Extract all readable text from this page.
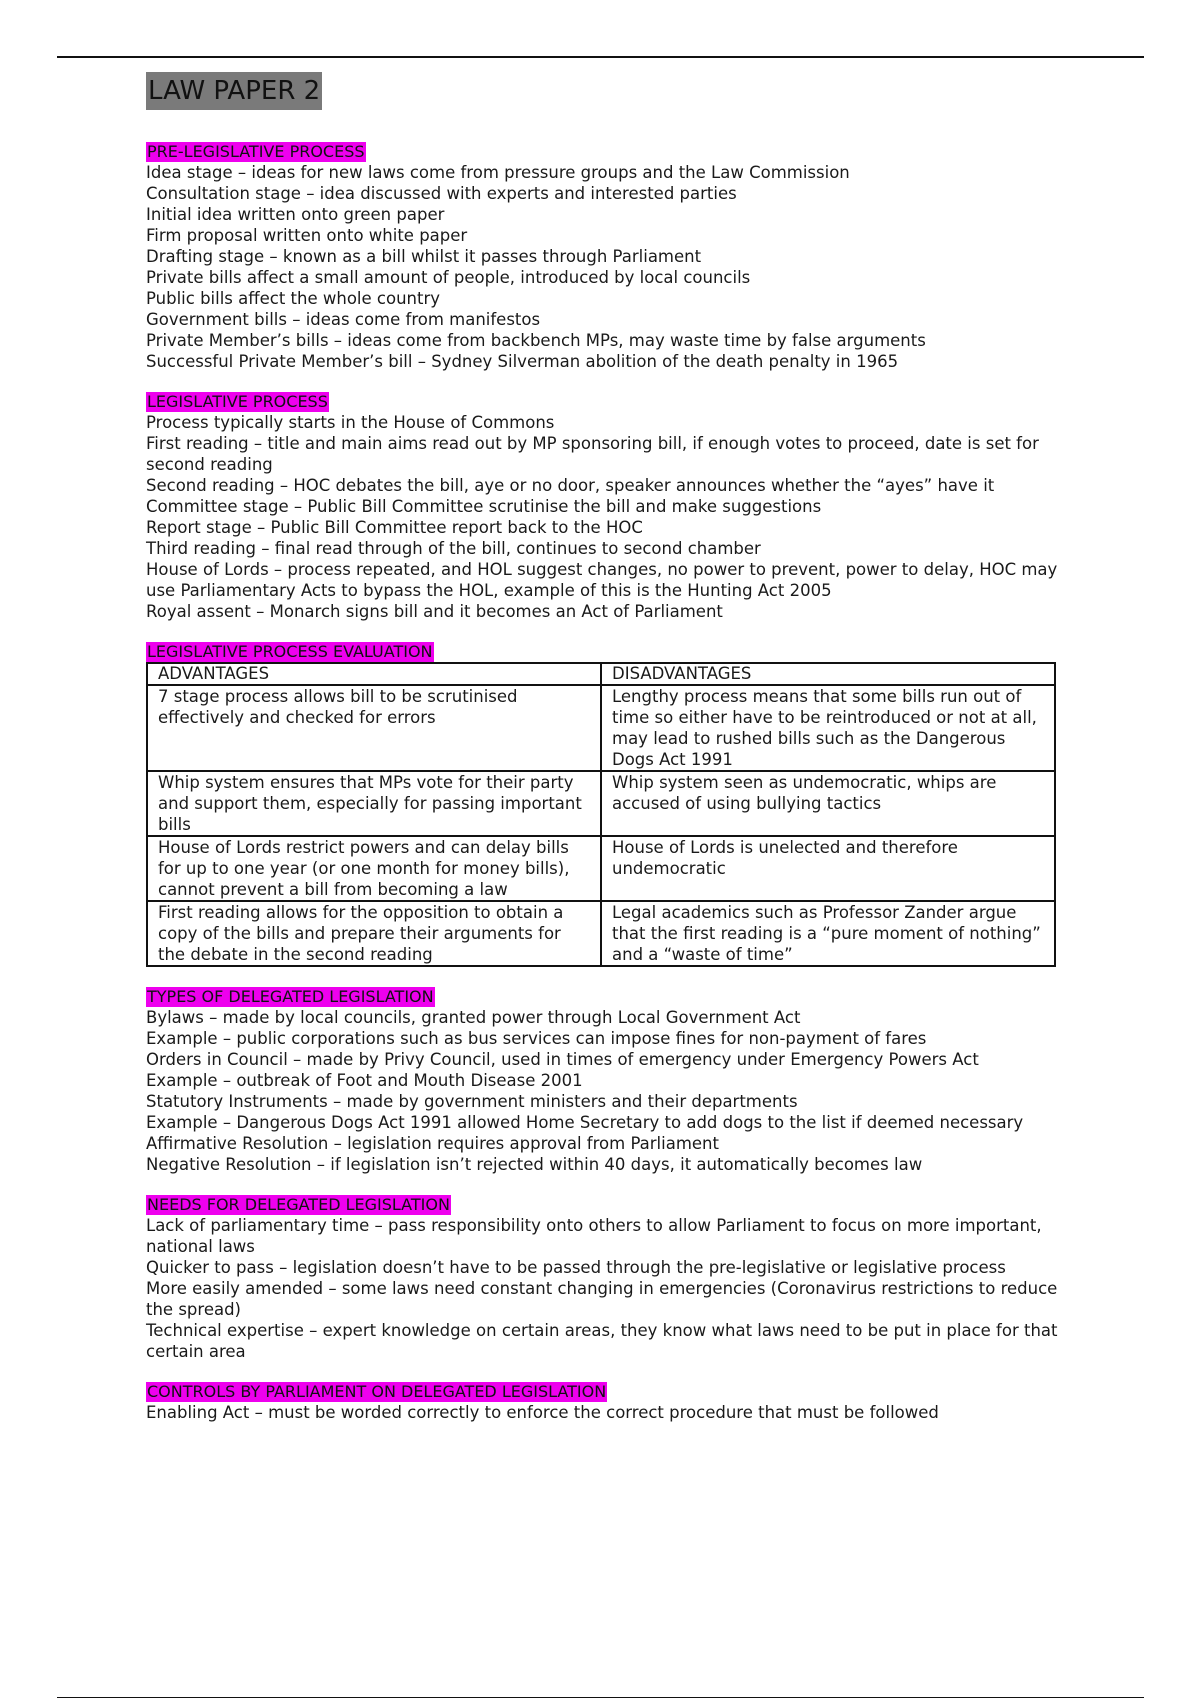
LAW PAPER 2
PRE-LEGISLATIVE PROCESS
Idea stage – ideas for new laws come from pressure groups and the Law Commission
Consultation stage – idea discussed with experts and interested parties
Initial idea written onto green paper
Firm proposal written onto white paper
Drafting stage – known as a bill whilst it passes through Parliament
Private bills affect a small amount of people, introduced by local councils
Public bills affect the whole country
Government bills – ideas come from manifestos
Private Member’s bills – ideas come from backbench MPs, may waste time by false arguments
Successful Private Member’s bill – Sydney Silverman abolition of the death penalty in 1965
LEGISLATIVE PROCESS
Process typically starts in the House of Commons
First reading – title and main aims read out by MP sponsoring bill, if enough votes to proceed, date is set for second reading
Second reading – HOC debates the bill, aye or no door, speaker announces whether the “ayes” have it
Committee stage – Public Bill Committee scrutinise the bill and make suggestions
Report stage – Public Bill Committee report back to the HOC
Third reading – final read through of the bill, continues to second chamber
House of Lords – process repeated, and HOL suggest changes, no power to prevent, power to delay, HOC may use Parliamentary Acts to bypass the HOL, example of this is the Hunting Act 2005
Royal assent – Monarch signs bill and it becomes an Act of Parliament
LEGISLATIVE PROCESS EVALUATION
ADVANTAGES	DISADVANTAGES
7 stage process allows bill to be scrutinised effectively and checked for errors	Lengthy process means that some bills run out of time so either have to be reintroduced or not at all, may lead to rushed bills such as the Dangerous Dogs Act 1991
Whip system ensures that MPs vote for their party and support them, especially for passing important bills	Whip system seen as undemocratic, whips are accused of using bullying tactics
House of Lords restrict powers and can delay bills for up to one year (or one month for money bills), cannot prevent a bill from becoming a law	House of Lords is unelected and therefore undemocratic
First reading allows for the opposition to obtain a copy of the bills and prepare their arguments for the debate in the second reading	Legal academics such as Professor Zander argue that the first reading is a “pure moment of nothing” and a “waste of time”
TYPES OF DELEGATED LEGISLATION
Bylaws – made by local councils, granted power through Local Government Act
Example – public corporations such as bus services can impose fines for non-payment of fares
Orders in Council – made by Privy Council, used in times of emergency under Emergency Powers Act
Example – outbreak of Foot and Mouth Disease 2001
Statutory Instruments – made by government ministers and their departments
Example – Dangerous Dogs Act 1991 allowed Home Secretary to add dogs to the list if deemed necessary
Affirmative Resolution – legislation requires approval from Parliament
Negative Resolution – if legislation isn’t rejected within 40 days, it automatically becomes law
NEEDS FOR DELEGATED LEGISLATION
Lack of parliamentary time – pass responsibility onto others to allow Parliament to focus on more important, national laws
Quicker to pass – legislation doesn’t have to be passed through the pre-legislative or legislative process
More easily amended – some laws need constant changing in emergencies (Coronavirus restrictions to reduce the spread)
Technical expertise – expert knowledge on certain areas, they know what laws need to be put in place for that certain area
CONTROLS BY PARLIAMENT ON DELEGATED LEGISLATION
Enabling Act – must be worded correctly to enforce the correct procedure that must be followed
